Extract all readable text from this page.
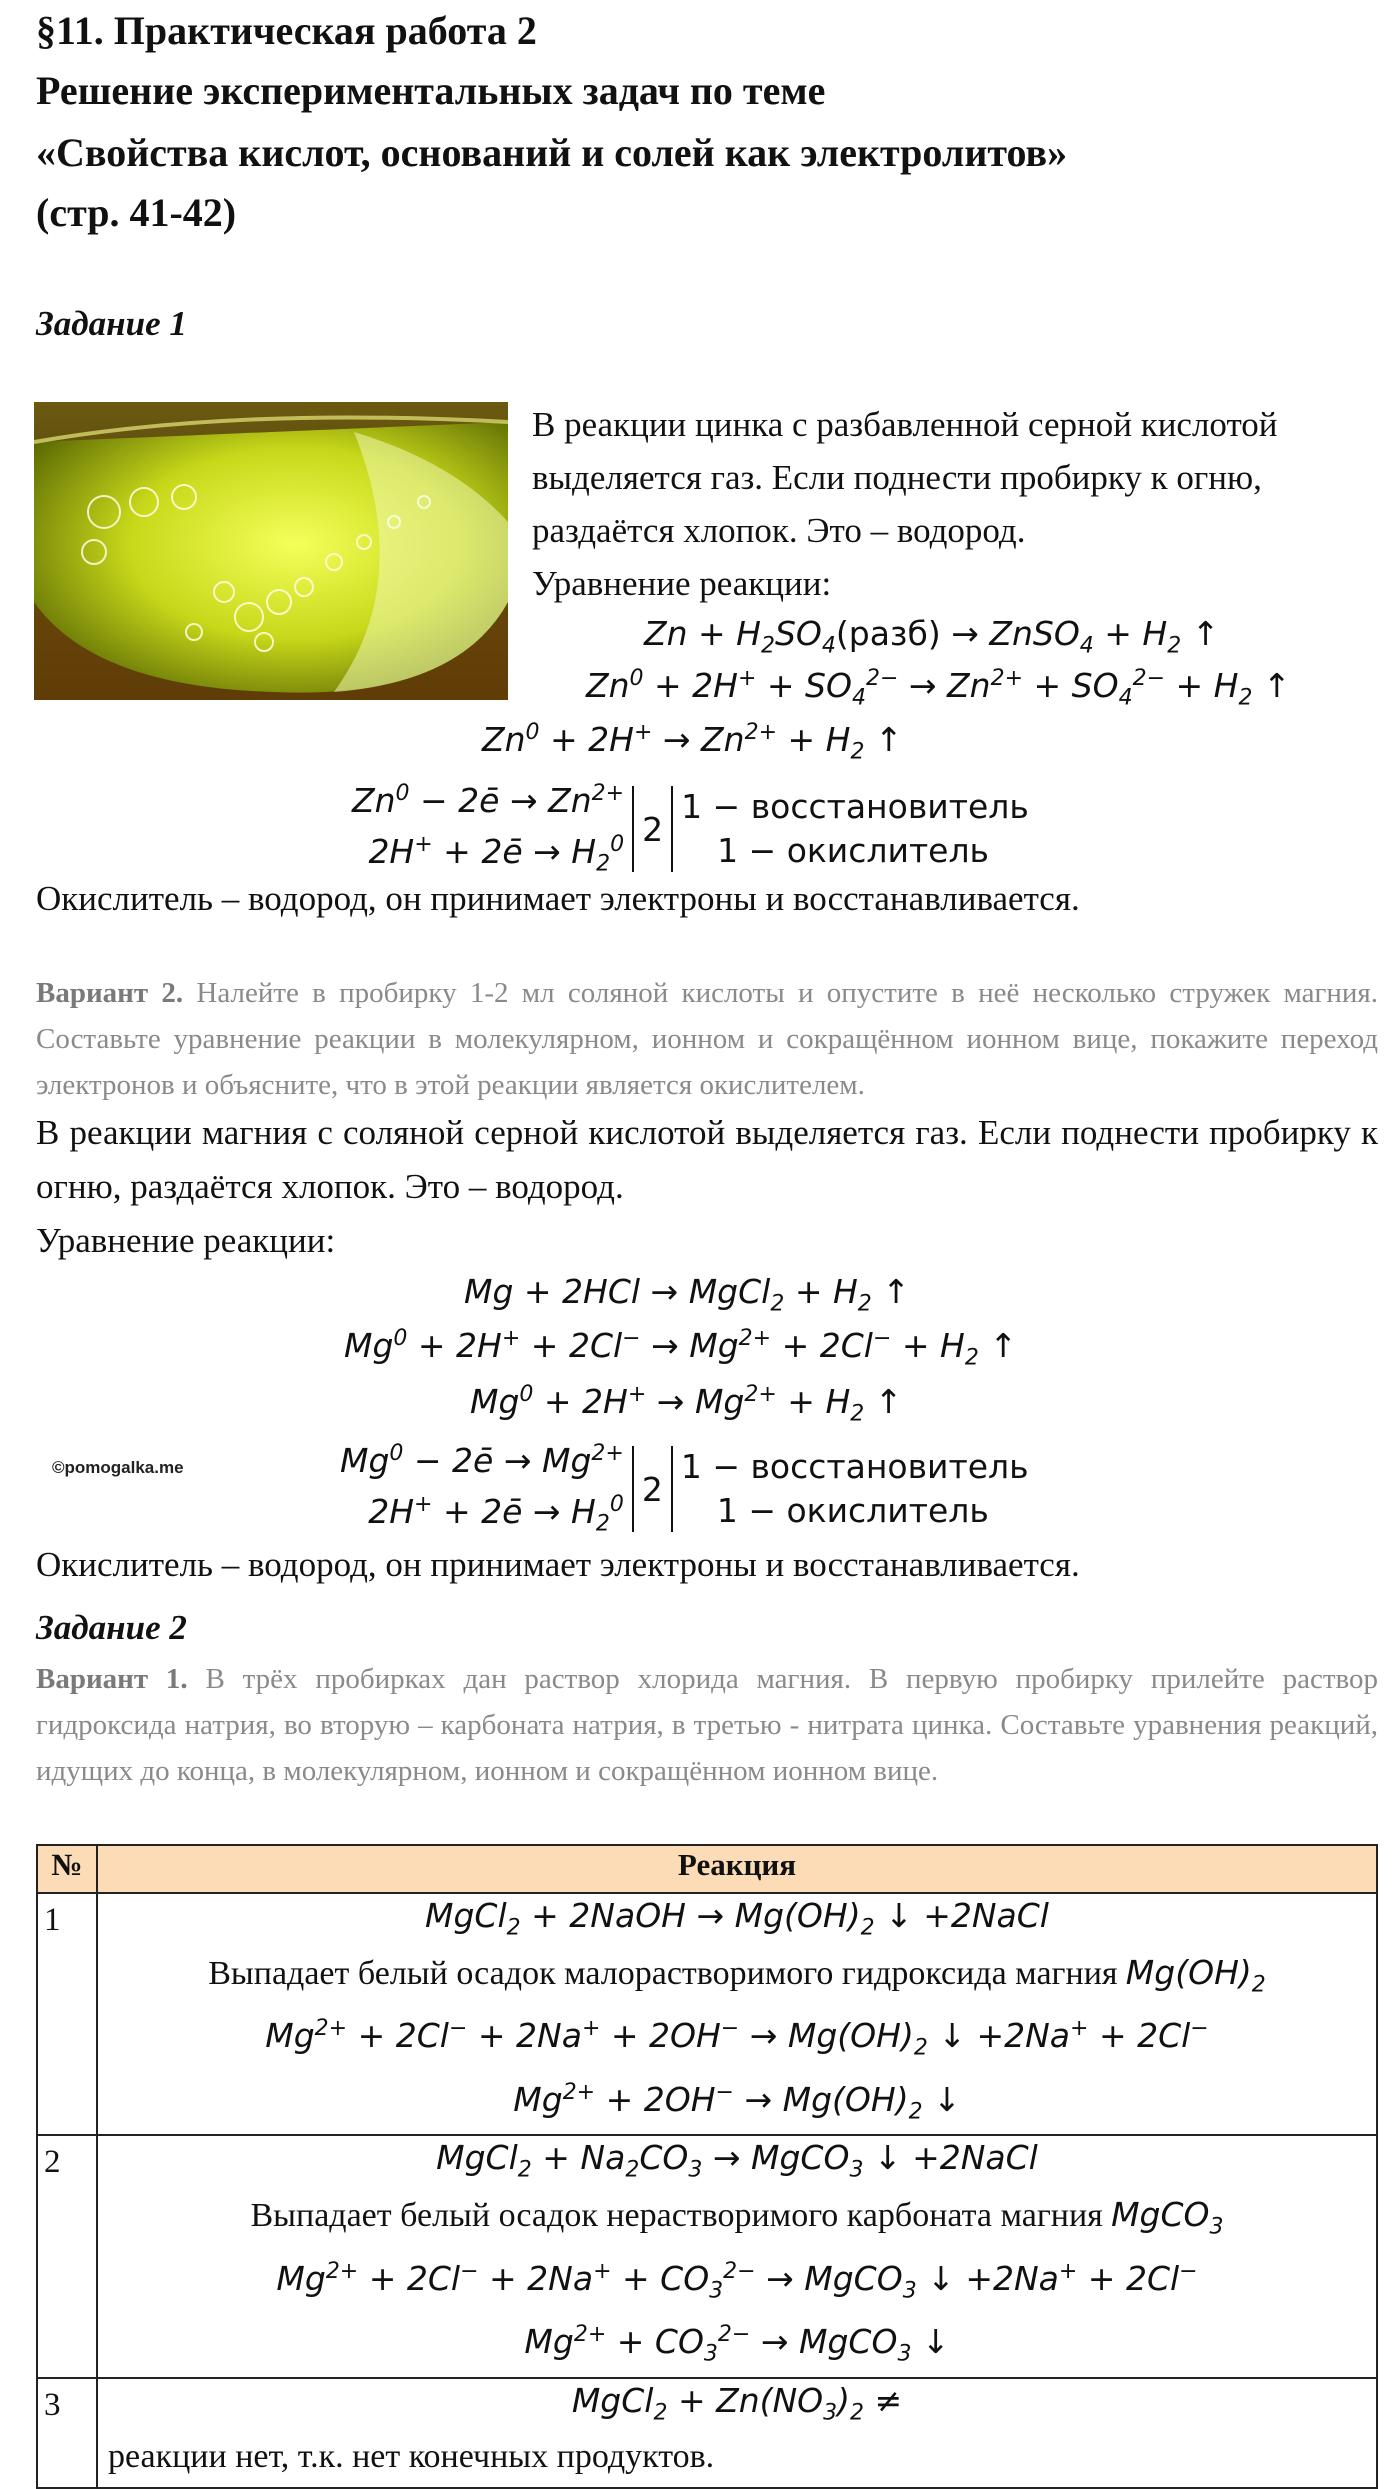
§11. Практическая работа 2
Решение экспериментальных задач по теме
«Свойства кислот, оснований и солей как электролитов»
(стр. 41-42)
Задание 1
В реакции цинка с разбавленной серной кислотой
выделяется газ. Если поднести пробирку к огню,
раздаётся хлопок. Это – водород.
Уравнение реакции:
$Zn + H_2SO_4(разб)$ → ZnSO$_4$ + $H_2$ ↑
$Zn^0 + 2H^+ + SO_4^{2-} \to Zn^{2+} + SO_4^{2-} + H_2$ ↑
$Zn^0 + 2H^+ \to Zn^{2+} + H_2$ ↑
$Zn^0$ − 2ē → $Zn^{2+}$
2H+ + 2ē → $H_2^0$ 2
1 − восстановитель
1 − окислитель
Окислитель – водород, он принимает электроны и восстанавливается.
Вариант 2. Налейте в пробирку 1-2 мл соляной кислоты и опустите в неё несколько стружек магния. Составьте уравнение реакции в молекулярном, ионном и сокращённом ионном вице, покажите переход электронов и объясните, что в этой реакции является окислителем.
В реакции магния с соляной серной кислотой выделяется газ. Если поднести пробирку к огню, раздаётся хлопок. Это – водород.
Уравнение реакции:
Mg + 2HCl → MgCl$_2$ + $H_2$ ↑
$Mg^0 + 2H^+ + 2Cl^- \to Mg^{2+} + 2Cl^- + H_2$ ↑
$Mg^0 + 2H^+ \to Mg^{2+} + H_2$ ↑
©pomogalka.me	$Mg^0$ − 2ē → $Mg^{2+}$
2H+ + 2ē → $H_2^0$ 2
1 − восстановитель
1 − окислитель
Окислитель – водород, он принимает электроны и восстанавливается.
Задание 2
Вариант 1. В трёх пробирках дан раствор хлорида магния. В первую пробирку прилейте раствор гидроксида натрия, во вторую – карбоната натрия, в третью - нитрата цинка. Составьте уравнения реакций, идущих до конца, в молекулярном, ионном и сокращённом ионном вице.
№	Реакция
1	MgCl$_2$ + 2NaOH → $Mg(OH)_2$ ↓ +2NaCl
Выпадает белый осадок малорастворимого гидроксида магния $Mg(OH)_2$
$Mg^{2+} + 2Cl^- + 2Na^+ + 2OH^- \to Mg(OH)_2$ ↓ +2Na+ + 2Cl−
$Mg^{2+} + 2OH^- \to Mg(OH)_2$ ↓

2	MgCl$_2$ + $Na_2CO_3$ → MgCO$_3$ ↓ +2NaCl
Выпадает белый осадок нерастворимого карбоната магния MgCO$_3$
$Mg^{2+} + 2Cl^- + 2Na^+ + CO_3^{2-}$ → MgCO$_3$ ↓ +2Na+ + 2Cl−
$Mg^{2+} + CO_3^{2-}$ → MgCO$_3$ ↓

3	MgCl$_2$ + $Zn(NO_3)_2$ ≠
реакции нет, т.к. нет конечных продуктов.
